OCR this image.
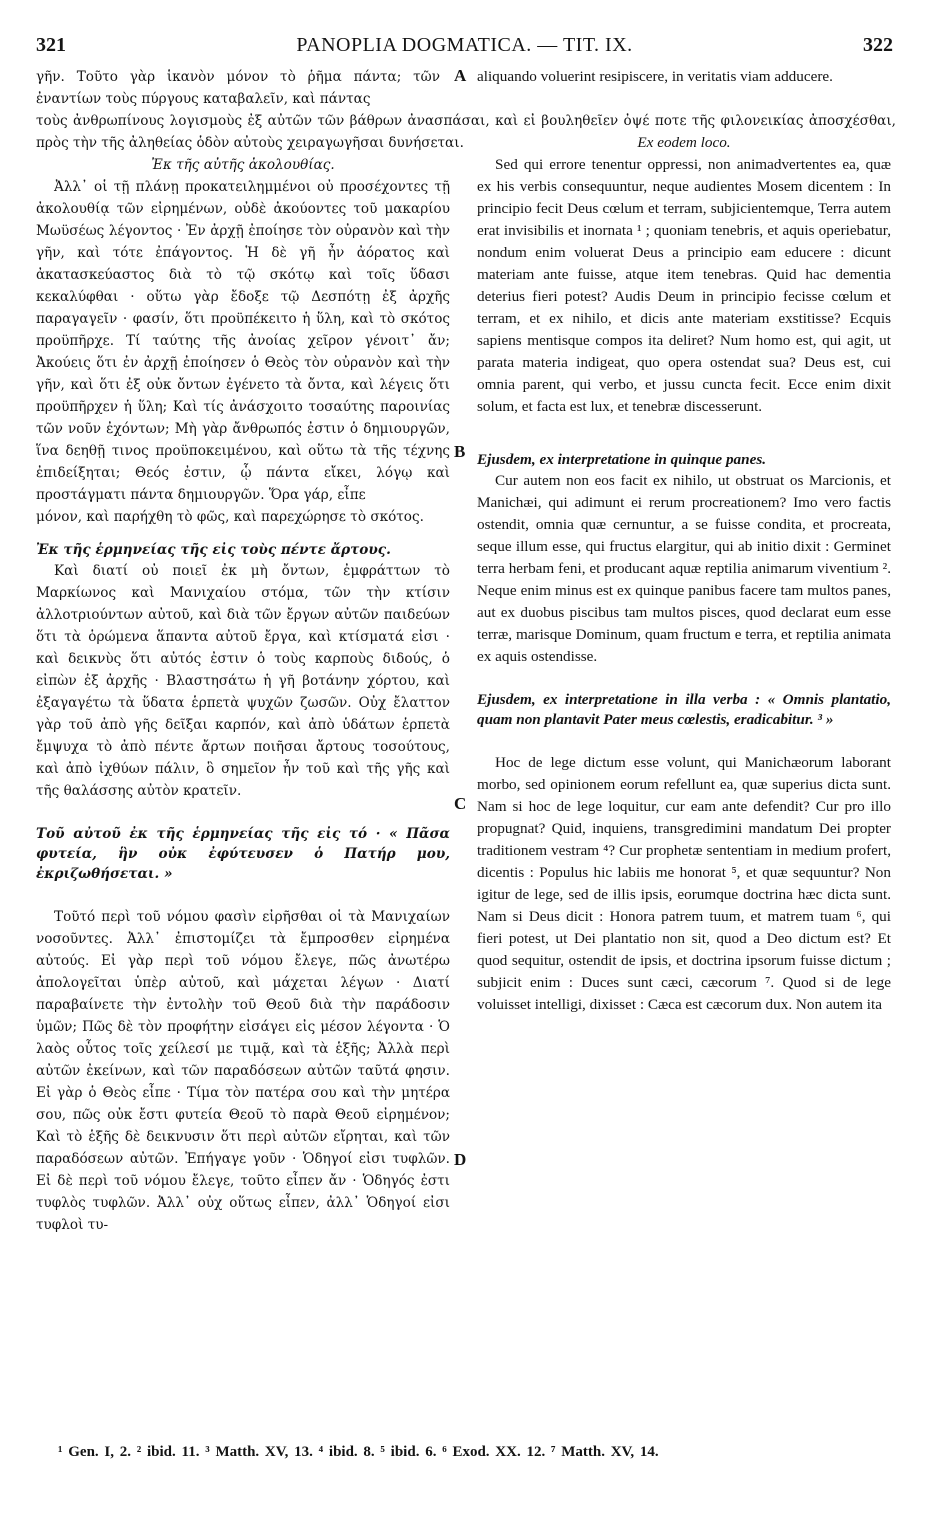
321	PANOPLIA DOGMATICA. — TIT. IX.	322

γῆν. Τοῦτο γὰρ ἱκανὸν μόνον τὸ ῥῆμα πάντα; τῶν ἐναντίων τοὺς πύργους καταβαλεῖν, καὶ πάντας

τοὺς ἀνθρωπίνους λογισμοὺς ἐξ αὐτῶν τῶν βάθρων ἀνασπάσαι, καὶ εἰ βουληθεῖεν ὀψέ ποτε τῆς φιλονεικίας ἀποσχέσθαι, πρὸς τὴν τῆς ἀληθείας ὁδὸν αὐτοὺς χειραγωγῆσαι δυνήσεται.

Ἐκ τῆς αὐτῆς ἀκολουθίας.

Ἀλλ᾽ οἱ τῇ πλάνῃ προκατειλημμένοι οὐ προσέχοντες τῇ ἀκολουθίᾳ τῶν εἰρημένων, οὐδὲ ἀκούοντες τοῦ μακαρίου Μωϋσέως λέγοντος · Ἐν ἀρχῇ ἐποίησε τὸν οὐρανὸν καὶ τὴν γῆν, καὶ τότε ἐπάγοντος. Ἡ δὲ γῆ ἦν ἀόρατος καὶ ἀκατασκεύαστος διὰ τὸ τῷ σκότῳ καὶ τοῖς ὕδασι κεκαλύφθαι · οὕτω γὰρ ἔδοξε τῷ Δεσπότῃ ἐξ ἀρχῆς παραγαγεῖν · φασίν, ὅτι προϋπέκειτο ἡ ὕλη, καὶ τὸ σκότος προϋπῆρχε. Τί ταύτης τῆς ἀνοίας χεῖρον γένοιτ᾽ ἄν; Ἀκούεις ὅτι ἐν ἀρχῇ ἐποίησεν ὁ Θεὸς τὸν οὐρανὸν καὶ τὴν γῆν, καὶ ὅτι ἐξ οὐκ ὄντων ἐγένετο τὰ ὄντα, καὶ λέγεις ὅτι προϋπῆρχεν ἡ ὕλη; Καὶ τίς ἀνάσχοιτο τοσαύτης παροινίας τῶν νοῦν ἐχόντων; Μὴ γὰρ ἄνθρωπός ἐστιν ὁ δημιουργῶν, ἵνα δεηθῇ τινος προϋποκειμένου, καὶ οὕτω τὰ τῆς τέχνης ἐπιδείξηται; Θεός ἐστιν, ᾧ πάντα εἴκει, λόγῳ καὶ προστάγματι πάντα δημιουργῶν. Ὅρα γάρ, εἶπε

μόνον, καὶ παρήχθη τὸ φῶς, καὶ παρεχώρησε τὸ σκότος.

Ἐκ τῆς ἑρμηνείας τῆς εἰς τοὺς πέντε ἄρτους.

Καὶ διατί οὐ ποιεῖ ἐκ μὴ ὄντων, ἐμφράττων τὸ Μαρκίωνος καὶ Μανιχαίου στόμα, τῶν τὴν κτίσιν ἀλλοτριούντων αὐτοῦ, καὶ διὰ τῶν ἔργων αὐτῶν παιδεύων ὅτι τὰ ὁρώμενα ἅπαντα αὐτοῦ ἔργα, καὶ κτίσματά εἰσι · καὶ δεικνὺς ὅτι αὐτός ἐστιν ὁ τοὺς καρποὺς διδούς, ὁ εἰπὼν ἐξ ἀρχῆς · Βλαστησάτω ἡ γῆ βοτάνην χόρτου, καὶ ἐξαγαγέτω τὰ ὕδατα ἑρπετὰ ψυχῶν ζωσῶν. Οὐχ ἔλαττον γὰρ τοῦ ἀπὸ γῆς δεῖξαι καρπόν, καὶ ἀπὸ ὑδάτων ἑρπετὰ ἔμψυχα τὸ ἀπὸ πέντε ἄρτων ποιῆσαι ἄρτους τοσούτους, καὶ ἀπὸ ἰχθύων πάλιν, ὃ σημεῖον ἦν τοῦ καὶ τῆς γῆς καὶ τῆς θαλάσσης αὐτὸν κρατεῖν.

Τοῦ αὐτοῦ ἐκ τῆς ἑρμηνείας τῆς εἰς τό · « Πᾶσα φυτεία, ἣν οὐκ ἐφύτευσεν ὁ Πατήρ μου, ἐκριζωθήσεται. »

Τοῦτό περὶ τοῦ νόμου φασὶν εἰρῆσθαι οἱ τὰ Μανιχαίων νοσοῦντες. Ἀλλ᾽ ἐπιστομίζει τὰ ἔμπροσθεν εἰρημένα αὐτούς. Εἰ γὰρ περὶ τοῦ νόμου ἔλεγε, πῶς ἀνωτέρω ἀπολογεῖται ὑπὲρ αὐτοῦ, καὶ μάχεται λέγων · Διατί παραβαίνετε τὴν ἐντολὴν τοῦ Θεοῦ διὰ τὴν παράδοσιν ὑμῶν; Πῶς δὲ τὸν προφήτην εἰσάγει εἰς μέσον λέγοντα · Ὁ λαὸς οὗτος τοῖς χείλεσί με τιμᾷ, καὶ τὰ ἑξῆς; Ἀλλὰ περὶ αὐτῶν ἐκείνων, καὶ τῶν παραδόσεων αὐτῶν ταῦτά φησιν. Εἰ γὰρ ὁ Θεὸς εἶπε · Τίμα τὸν πατέρα σου καὶ τὴν μητέρα σου, πῶς οὐκ ἔστι φυτεία Θεοῦ τὸ παρὰ Θεοῦ εἰρημένον; Καὶ τὸ ἑξῆς δὲ δεικνυσιν ὅτι περὶ αὐτῶν εἴρηται, καὶ τῶν παραδόσεων αὐτῶν. Ἐπήγαγε γοῦν · Ὁδηγοί εἰσι τυφλῶν. Εἰ δὲ περὶ τοῦ νόμου ἔλεγε, τοῦτο εἶπεν ἄν · Ὁδηγός ἐστι τυφλὸς τυφλῶν. Ἀλλ᾽ οὐχ οὕτως εἶπεν, ἀλλ᾽ Ὁδηγοί εἰσι τυφλοὶ τυ-

aliquando voluerint resipiscere, in veritatis viam adducere.

Ex eodem loco.

Sed qui errore tenentur oppressi, non animadvertentes ea, quæ ex his verbis consequuntur, neque audientes Mosem dicentem : In principio fecit Deus cœlum et terram, subjicientemque, Terra autem erat invisibilis et inornata ¹ ; quoniam tenebris, et aquis operiebatur, nondum enim voluerat Deus a principio eam educere : dicunt materiam ante fuisse, atque item tenebras. Quid hac dementia deterius fieri potest? Audis Deum in principio fecisse cœlum et terram, et ex nihilo, et dicis ante materiam exstitisse? Ecquis sapiens mentisque compos ita deliret? Num homo est, qui agit, ut parata materia indigeat, quo opera ostendat sua? Deus est, cui omnia parent, qui verbo, et jussu cuncta fecit. Ecce enim dixit solum, et facta est lux, et tenebræ discesserunt.

Ejusdem, ex interpretatione in quinque panes.

Cur autem non eos facit ex nihilo, ut obstruat os Marcionis, et Manichæi, qui adimunt ei rerum procreationem? Imo vero factis ostendit, omnia quæ cernuntur, a se fuisse condita, et procreata, seque illum esse, qui fructus elargitur, qui ab initio dixit : Germinet terra herbam feni, et producant aquæ reptilia animarum viventium ². Neque enim minus est ex quinque panibus facere tam multos panes, aut ex duobus piscibus tam multos pisces, quod declarat eum esse terræ, marisque Dominum, quam fructum e terra, et reptilia animata ex aquis ostendisse.

Ejusdem, ex interpretatione in illa verba : « Omnis plantatio, quam non plantavit Pater meus cœlestis, eradicabitur. ³ »

Hoc de lege dictum esse volunt, qui Manichæorum laborant morbo, sed opinionem eorum refellunt ea, quæ superius dicta sunt. Nam si hoc de lege loquitur, cur eam ante defendit? Cur pro illo propugnat? Quid, inquiens, transgredimini mandatum Dei propter traditionem vestram ⁴? Cur prophetæ sententiam in medium profert, dicentis : Populus hic labiis me honorat ⁵, et quæ sequuntur? Non igitur de lege, sed de illis ipsis, eorumque doctrina hæc dicta sunt. Nam si Deus dicit : Honora patrem tuum, et matrem tuam ⁶, qui fieri potest, ut Dei plantatio non sit, quod a Deo dictum est? Et quod sequitur, ostendit de ipsis, et doctrina ipsorum fuisse dictum ; subjicit enim : Duces sunt cæci, cæcorum ⁷. Quod si de lege voluisset intelligi, dixisset : Cæca est cæcorum dux. Non autem ita

A
B
C
D
¹ Gen. I, 2. ² ibid. 11. ³ Matth. XV, 13. ⁴ ibid. 8. ⁵ ibid. 6. ⁶ Exod. XX. 12. ⁷ Matth. XV, 14.
